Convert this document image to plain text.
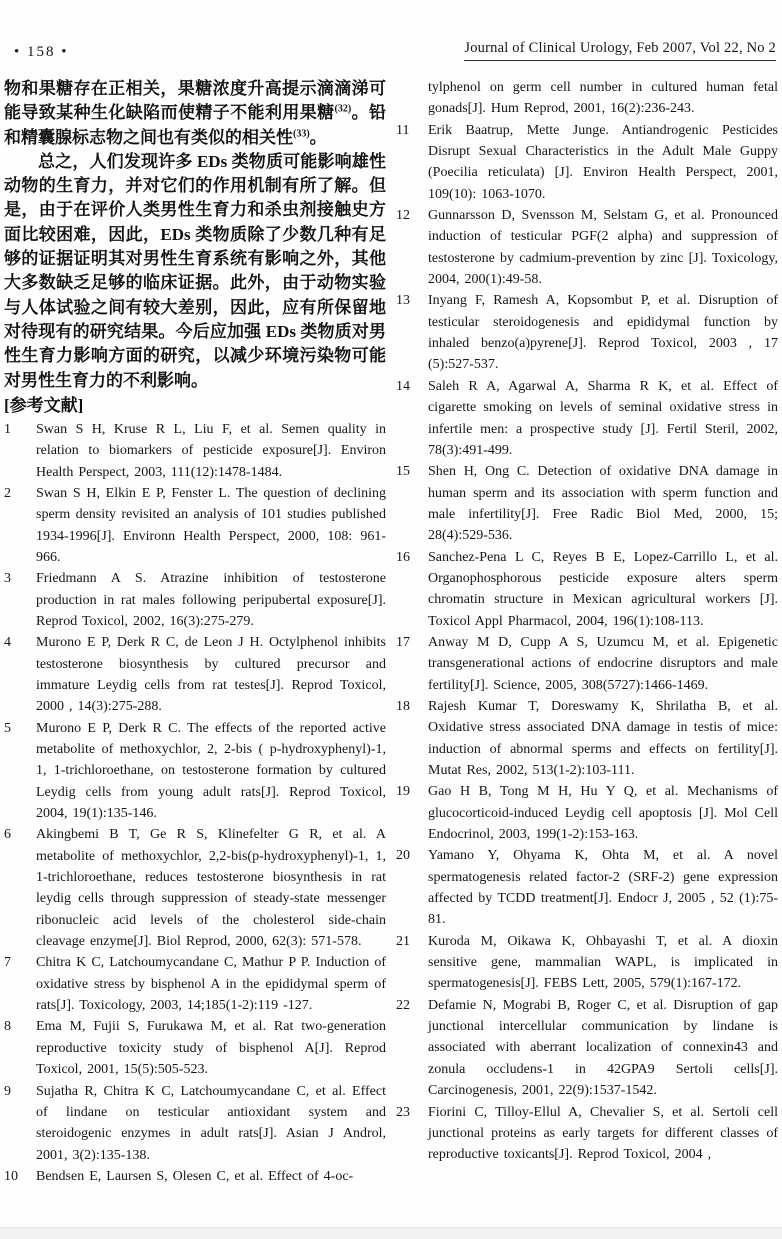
• 158 •	Journal of Clinical Urology, Feb 2007, Vol 22, No 2

物和果糖存在正相关，果糖浓度升高提示滴滴涕可能导致某种生化缺陷而使精子不能利用果糖$^{(32)}$。铅和精囊腺标志物之间也有类似的相关性$^{(33)}$。

总之，人们发现许多 EDs 类物质可能影响雄性动物的生育力，并对它们的作用机制有所了解。但是，由于在评价人类男性生育力和杀虫剂接触史方面比较困难，因此，EDs 类物质除了少数几种有足够的证据证明其对男性生育系统有影响之外，其他大多数缺乏足够的临床证据。此外，由于动物实验与人体试验之间有较大差别，因此，应有所保留地对待现有的研究结果。今后应加强 EDs 类物质对男性生育力影响方面的研究，以减少环境污染物可能对男性生育力的不利影响。

[参考文献]
1	Swan S H, Kruse R L, Liu F, et al. Semen quality in relation to biomarkers of pesticide exposure[J]. Environ Health Perspect, 2003, 111(12):1478-1484.
2	Swan S H, Elkin E P, Fenster L. The question of declining sperm density revisited an analysis of 101 studies published 1934-1996[J]. Environn Health Perspect, 2000, 108: 961-966.
3	Friedmann A S. Atrazine inhibition of testosterone production in rat males following peripubertal exposure[J]. Reprod Toxicol, 2002, 16(3):275-279.
4	Murono E P, Derk R C, de Leon J H. Octylphenol inhibits testosterone biosynthesis by cultured precursor and immature Leydig cells from rat testes[J]. Reprod Toxicol, 2000 , 14(3):275-288.
5	Murono E P, Derk R C. The effects of the reported active metabolite of methoxychlor, 2, 2-bis ( p-hydroxyphenyl)-1, 1, 1-trichloroethane, on testosterone formation by cultured Leydig cells from young adult rats[J]. Reprod Toxicol, 2004, 19(1):135-146.
6	Akingbemi B T, Ge R S, Klinefelter G R, et al. A metabolite of methoxychlor, 2,2-bis(p-hydroxyphenyl)-1, 1, 1-trichloroethane, reduces testosterone biosynthesis in rat leydig cells through suppression of steady-state messenger ribonucleic acid levels of the cholesterol side-chain cleavage enzyme[J]. Biol Reprod, 2000, 62(3): 571-578.
7	Chitra K C, Latchoumycandane C, Mathur P P. Induction of oxidative stress by bisphenol A in the epididymal sperm of rats[J]. Toxicology, 2003, 14;185(1-2):119 -127.
8	Ema M, Fujii S, Furukawa M, et al. Rat two-generation reproductive toxicity study of bisphenol A[J]. Reprod Toxicol, 2001, 15(5):505-523.
9	Sujatha R, Chitra K C, Latchoumycandane C, et al. Effect of lindane on testicular antioxidant system and steroidogenic enzymes in adult rats[J]. Asian J Androl, 2001, 3(2):135-138.
10	Bendsen E, Laursen S, Olesen C, et al. Effect of 4-oc-
tylphenol on germ cell number in cultured human fetal gonads[J]. Hum Reprod, 2001, 16(2):236-243.
11	Erik Baatrup, Mette Junge. Antiandrogenic Pesticides Disrupt Sexual Characteristics in the Adult Male Guppy (Poecilia reticulata) [J]. Environ Health Perspect, 2001, 109(10): 1063-1070.
12	Gunnarsson D, Svensson M, Selstam G, et al. Pronounced induction of testicular PGF(2 alpha) and suppression of testosterone by cadmium-prevention by zinc [J]. Toxicology, 2004, 200(1):49-58.
13	Inyang F, Ramesh A, Kopsombut P, et al. Disruption of testicular steroidogenesis and epididymal function by inhaled benzo(a)pyrene[J]. Reprod Toxicol, 2003 , 17 (5):527-537.
14	Saleh R A, Agarwal A, Sharma R K, et al. Effect of cigarette smoking on levels of seminal oxidative stress in infertile men: a prospective study [J]. Fertil Steril, 2002, 78(3):491-499.
15	Shen H, Ong C. Detection of oxidative DNA damage in human sperm and its association with sperm function and male infertility[J]. Free Radic Biol Med, 2000, 15; 28(4):529-536.
16	Sanchez-Pena L C, Reyes B E, Lopez-Carrillo L, et al. Organophosphorous pesticide exposure alters sperm chromatin structure in Mexican agricultural workers [J]. Toxicol Appl Pharmacol, 2004, 196(1):108-113.
17	Anway M D, Cupp A S, Uzumcu M, et al. Epigenetic transgenerational actions of endocrine disruptors and male fertility[J]. Science, 2005, 308(5727):1466-1469.
18	Rajesh Kumar T, Doreswamy K, Shrilatha B, et al. Oxidative stress associated DNA damage in testis of mice: induction of abnormal sperms and effects on fertility[J]. Mutat Res, 2002, 513(1-2):103-111.
19	Gao H B, Tong M H, Hu Y Q, et al. Mechanisms of glucocorticoid-induced Leydig cell apoptosis [J]. Mol Cell Endocrinol, 2003, 199(1-2):153-163.
20	Yamano Y, Ohyama K, Ohta M, et al. A novel spermatogenesis related factor-2 (SRF-2) gene expression affected by TCDD treatment[J]. Endocr J, 2005 , 52 (1):75-81.
21	Kuroda M, Oikawa K, Ohbayashi T, et al. A dioxin sensitive gene, mammalian WAPL, is implicated in spermatogenesis[J]. FEBS Lett, 2005, 579(1):167-172.
22	Defamie N, Mograbi B, Roger C, et al. Disruption of gap junctional intercellular communication by lindane is associated with aberrant localization of connexin43 and zonula occludens-1 in 42GPA9 Sertoli cells[J]. Carcinogenesis, 2001, 22(9):1537-1542.
23	Fiorini C, Tilloy-Ellul A, Chevalier S, et al. Sertoli cell junctional proteins as early targets for different classes of reproductive toxicants[J]. Reprod Toxicol, 2004 ,
